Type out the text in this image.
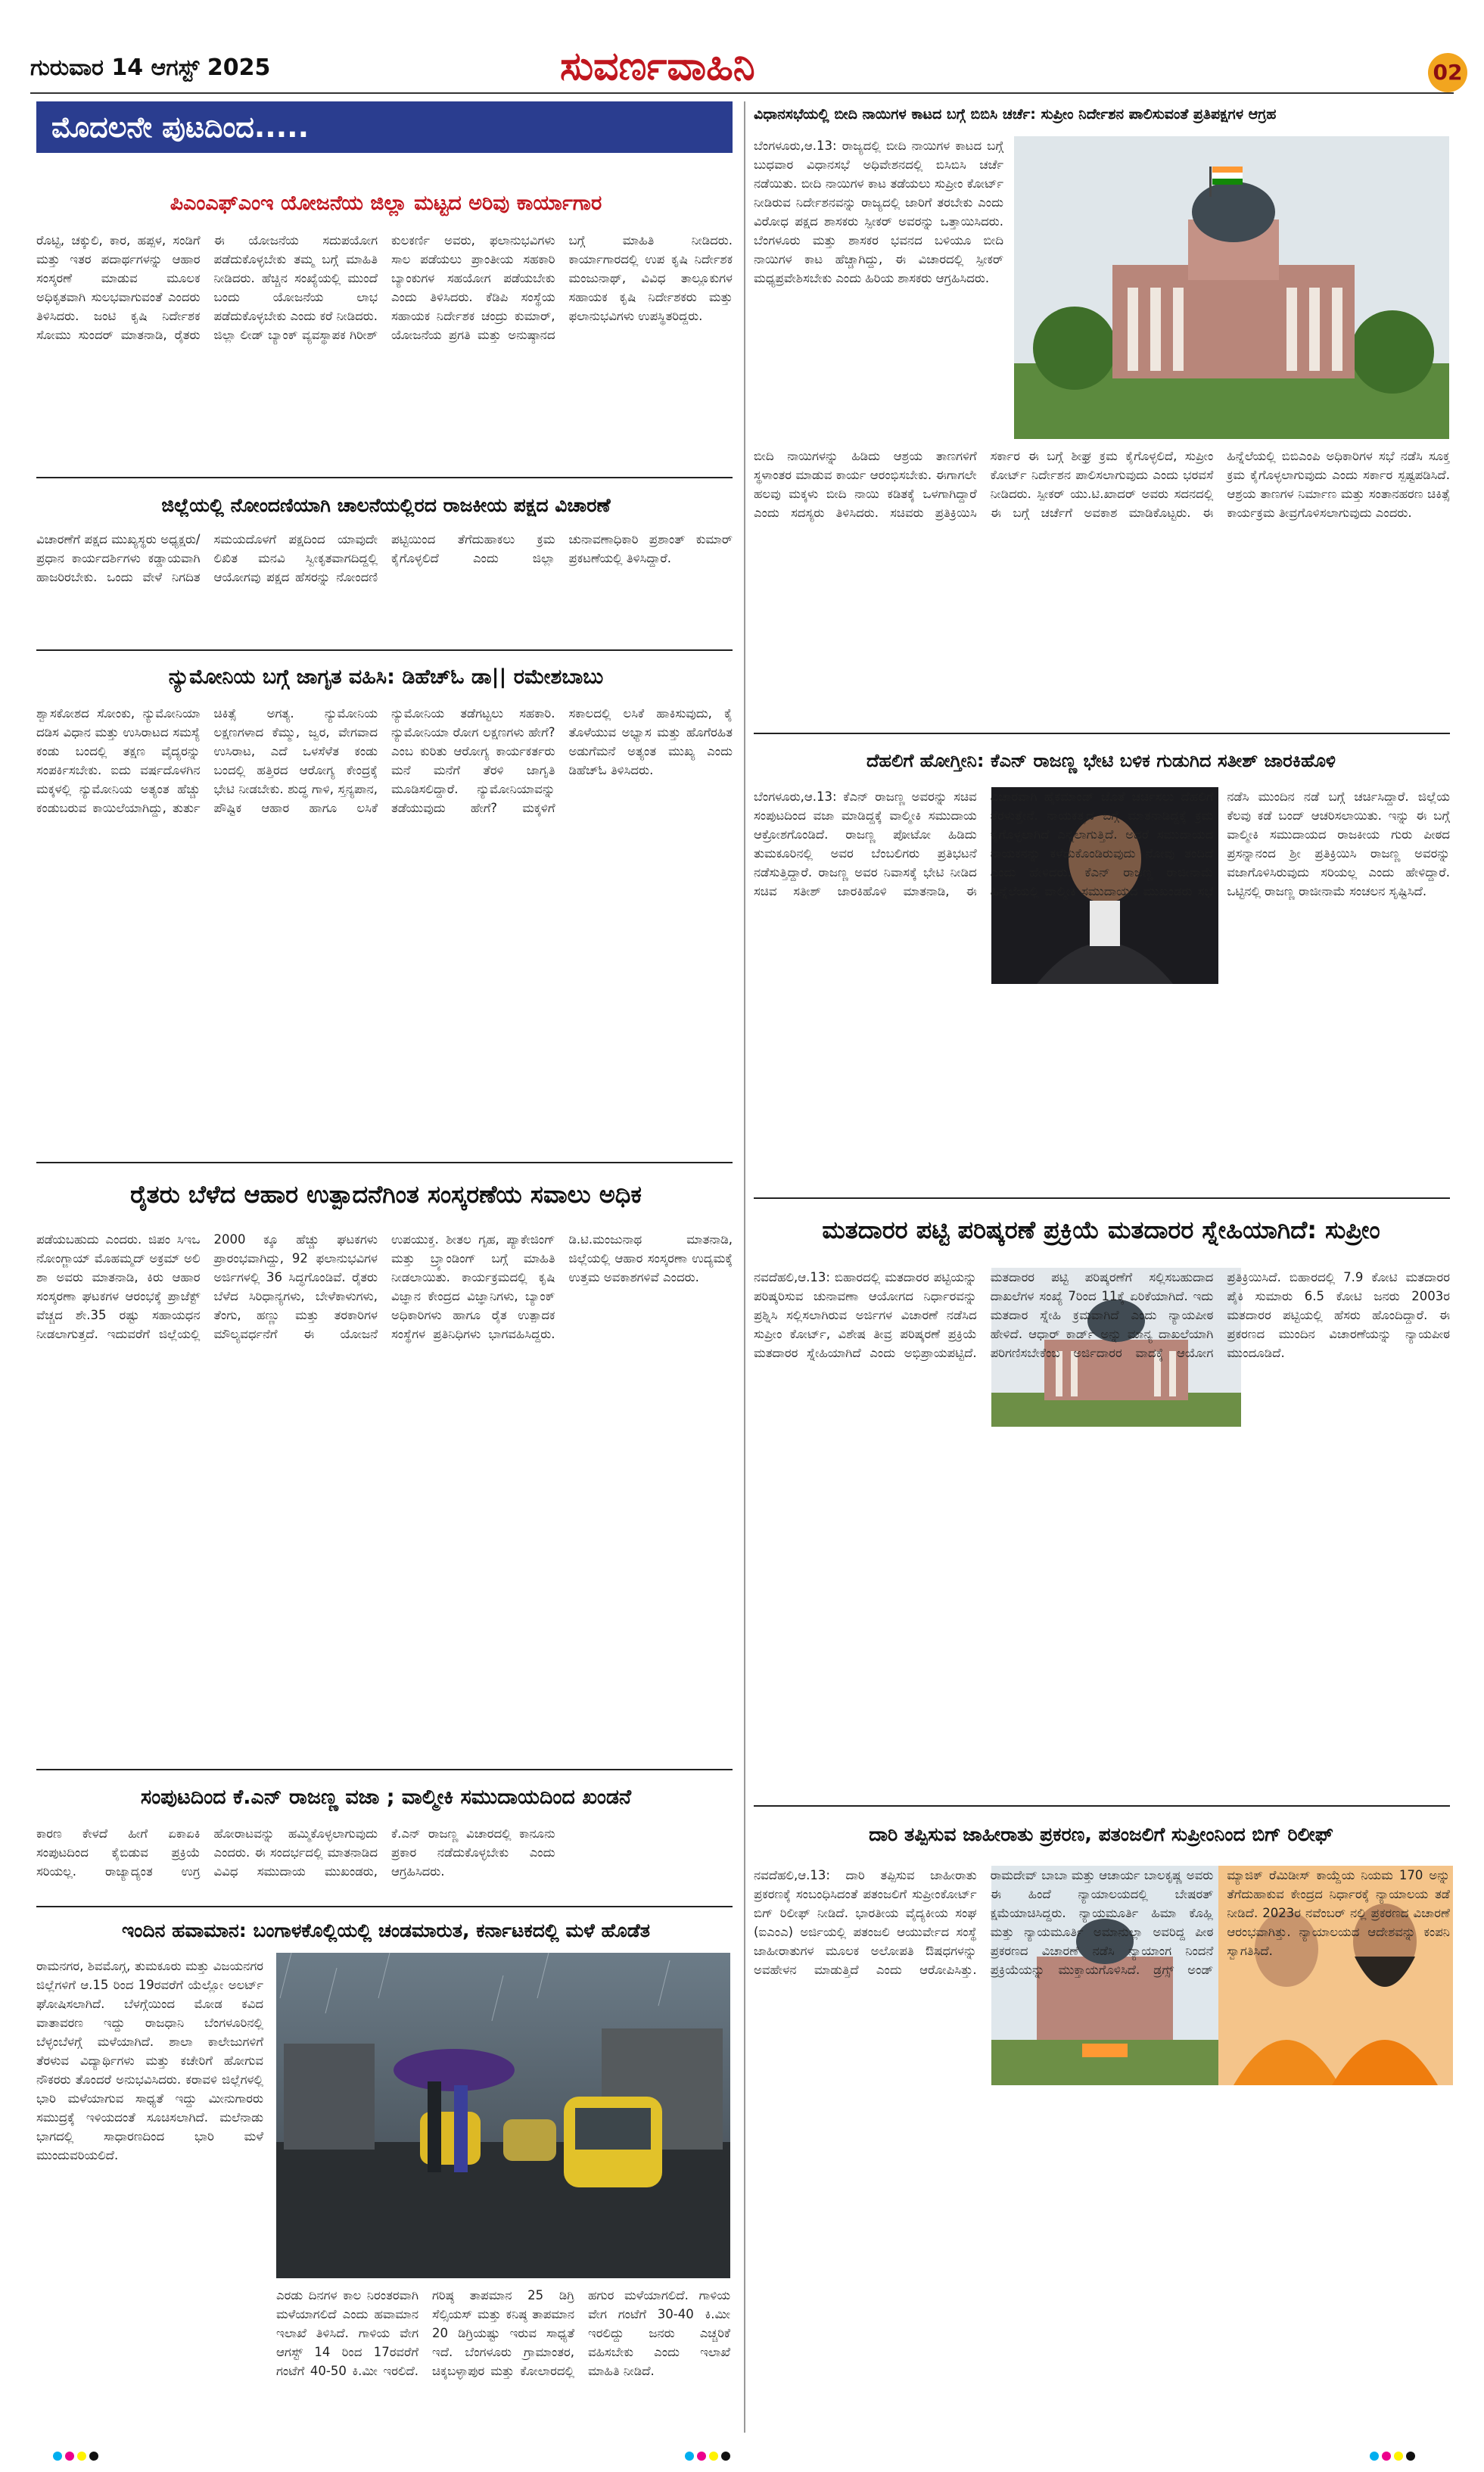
ಗುರುವಾರ 14 ಆಗಸ್ಟ್ 2025	ಸುವರ್ಣವಾಹಿನಿ	02
ಮೊದಲನೇ ಪುಟದಿಂದ.....	ವಿಧಾನಸಭೆಯಲ್ಲಿ ಬೀದಿ ನಾಯಿಗಳ ಕಾಟದ ಬಗ್ಗೆ ಬಿಬಿಸಿ ಚರ್ಚೆ: ಸುಪ್ರೀಂ ನಿರ್ದೇಶನ ಪಾಲಿಸುವಂತೆ ಪ್ರತಿಪಕ್ಷಗಳ ಆಗ್ರಹ
ಪಿಎಂಎಫ್‌ಎಂಇ ಯೋಜನೆಯ ಜಿಲ್ಲಾ ಮಟ್ಟದ ಅರಿವು ಕಾರ್ಯಾಗಾರ
ರೊಟ್ಟಿ, ಚಕ್ಕುಲಿ, ಕಾರ, ಹಪ್ಪಳ, ಸಂಡಿಗೆ ಮತ್ತು ಇತರ ಪದಾರ್ಥಗಳನ್ನು ಆಹಾರ ಸಂಸ್ಕರಣೆ ಮಾಡುವ ಮೂಲಕ ಅಧಿಕೃತವಾಗಿ ಸುಲಭವಾಗುವಂತೆ ಎಂದರು ತಿಳಿಸಿದರು. ಜಂಟಿ ಕೃಷಿ ನಿರ್ದೇಶಕ ಸೋಮು ಸುಂದರ್ ಮಾತನಾಡಿ, ರೈತರು ಈ ಯೋಜನೆಯ ಸದುಪಯೋಗ ಪಡೆದುಕೊಳ್ಳಬೇಕು ತಮ್ಮ ಬಗ್ಗೆ ಮಾಹಿತಿ ನೀಡಿದರು. ಹೆಚ್ಚಿನ ಸಂಖ್ಯೆಯಲ್ಲಿ ಮುಂದೆ ಬಂದು ಯೋಜನೆಯ ಲಾಭ ಪಡೆದುಕೊಳ್ಳಬೇಕು ಎಂದು ಕರೆ ನೀಡಿದರು. ಜಿಲ್ಲಾ ಲೀಡ್ ಬ್ಯಾಂಕ್ ವ್ಯವಸ್ಥಾಪಕ ಗಿರೀಶ್ ಕುಲಕರ್ಣಿ ಅವರು, ಫಲಾನುಭವಿಗಳು ಸಾಲ ಪಡೆಯಲು ಪ್ರಾಂತೀಯ ಸಹಕಾರಿ ಬ್ಯಾಂಕುಗಳ ಸಹಯೋಗ ಪಡೆಯಬೇಕು ಎಂದು ತಿಳಿಸಿದರು. ಕೆಡಿಪಿ ಸಂಸ್ಥೆಯ ಸಹಾಯಕ ನಿರ್ದೇಶಕ ಚಂದ್ರು ಕುಮಾರ್, ಯೋಜನೆಯ ಪ್ರಗತಿ ಮತ್ತು ಅನುಷ್ಠಾನದ ಬಗ್ಗೆ ಮಾಹಿತಿ ನೀಡಿದರು. ಕಾರ್ಯಾಗಾರದಲ್ಲಿ ಉಪ ಕೃಷಿ ನಿರ್ದೇಶಕ ಮಂಜುನಾಥ್, ವಿವಿಧ ತಾಲ್ಲೂಕುಗಳ ಸಹಾಯಕ ಕೃಷಿ ನಿರ್ದೇಶಕರು ಮತ್ತು ಫಲಾನುಭವಿಗಳು ಉಪಸ್ಥಿತರಿದ್ದರು.
ಜಿಲ್ಲೆಯಲ್ಲಿ ನೋಂದಣಿಯಾಗಿ ಚಾಲನೆಯಲ್ಲಿರದ ರಾಜಕೀಯ ಪಕ್ಷದ ವಿಚಾರಣೆ
ವಿಚಾರಣೆಗೆ ಪಕ್ಷದ ಮುಖ್ಯಸ್ಥರು ಅಧ್ಯಕ್ಷರು/ಪ್ರಧಾನ ಕಾರ್ಯದರ್ಶಿಗಳು ಕಡ್ಡಾಯವಾಗಿ ಹಾಜರಿರಬೇಕು. ಒಂದು ವೇಳೆ ನಿಗದಿತ ಸಮಯದೊಳಗೆ ಪಕ್ಷದಿಂದ ಯಾವುದೇ ಲಿಖಿತ ಮನವಿ ಸ್ವೀಕೃತವಾಗದಿದ್ದಲ್ಲಿ ಆಯೋಗವು ಪಕ್ಷದ ಹೆಸರನ್ನು ನೋಂದಣಿ ಪಟ್ಟಿಯಿಂದ ತೆಗೆದುಹಾಕಲು ಕ್ರಮ ಕೈಗೊಳ್ಳಲಿದೆ ಎಂದು ಜಿಲ್ಲಾ ಚುನಾವಣಾಧಿಕಾರಿ ಪ್ರಶಾಂತ್ ಕುಮಾರ್ ಪ್ರಕಟಣೆಯಲ್ಲಿ ತಿಳಿಸಿದ್ದಾರೆ.
ನ್ಯುಮೋನಿಯ ಬಗ್ಗೆ ಜಾಗೃತ ವಹಿಸಿ: ಡಿಹೆಚ್‌ಓ ಡಾ|| ರಮೇಶಬಾಬು
ಶ್ವಾಸಕೋಶದ ಸೋಂಕು, ನ್ಯುಮೋನಿಯಾ ದಡಿಸ ವಿಧಾನ ಮತ್ತು ಉಸಿರಾಟದ ಸಮಸ್ಯೆ ಕಂಡು ಬಂದಲ್ಲಿ ತಕ್ಷಣ ವೈದ್ಯರನ್ನು ಸಂಪರ್ಕಿಸಬೇಕು. ಐದು ವರ್ಷದೊಳಗಿನ ಮಕ್ಕಳಲ್ಲಿ ನ್ಯುಮೋನಿಯ ಅತ್ಯಂತ ಹೆಚ್ಚು ಕಂಡುಬರುವ ಕಾಯಿಲೆಯಾಗಿದ್ದು, ತುರ್ತು ಚಿಕಿತ್ಸೆ ಅಗತ್ಯ. ನ್ಯುಮೋನಿಯ ಲಕ್ಷಣಗಳಾದ ಕೆಮ್ಮು, ಜ್ವರ, ವೇಗವಾದ ಉಸಿರಾಟ, ಎದೆ ಒಳಸೆಳೆತ ಕಂಡು ಬಂದಲ್ಲಿ ಹತ್ತಿರದ ಆರೋಗ್ಯ ಕೇಂದ್ರಕ್ಕೆ ಭೇಟಿ ನೀಡಬೇಕು. ಶುದ್ಧ ಗಾಳಿ, ಸ್ತನ್ಯಪಾನ, ಪೌಷ್ಟಿಕ ಆಹಾರ ಹಾಗೂ ಲಸಿಕೆ ನ್ಯುಮೋನಿಯ ತಡೆಗಟ್ಟಲು ಸಹಕಾರಿ. ನ್ಯುಮೋನಿಯಾ ರೋಗ ಲಕ್ಷಣಗಳು ಹೇಗೆ? ಎಂಬ ಕುರಿತು ಆರೋಗ್ಯ ಕಾರ್ಯಕರ್ತರು ಮನೆ ಮನೆಗೆ ತೆರಳಿ ಜಾಗೃತಿ ಮೂಡಿಸಲಿದ್ದಾರೆ. ನ್ಯುಮೋನಿಯಾವನ್ನು ತಡೆಯುವುದು ಹೇಗೆ? ಮಕ್ಕಳಿಗೆ ಸಕಾಲದಲ್ಲಿ ಲಸಿಕೆ ಹಾಕಿಸುವುದು, ಕೈ ತೊಳೆಯುವ ಅಭ್ಯಾಸ ಮತ್ತು ಹೊಗೆರಹಿತ ಅಡುಗೆಮನೆ ಅತ್ಯಂತ ಮುಖ್ಯ ಎಂದು ಡಿಹೆಚ್‌ಓ ತಿಳಿಸಿದರು.
ರೈತರು ಬೆಳೆದ ಆಹಾರ ಉತ್ಪಾದನೆಗಿಂತ ಸಂಸ್ಕರಣೆಯ ಸವಾಲು ಅಧಿಕ
ಪಡೆಯಬಹುದು ಎಂದರು. ಜಿಪಂ ಸಿಇಒ ನೋಂಗ್ಜಾಯ್ ಮೊಹಮ್ಮದ್ ಅಕ್ರಮ್ ಅಲಿ ಶಾ ಅವರು ಮಾತನಾಡಿ, ಕಿರು ಆಹಾರ ಸಂಸ್ಕರಣಾ ಘಟಕಗಳ ಆರಂಭಕ್ಕೆ ಪ್ರಾಜೆಕ್ಟ್ ವೆಚ್ಚದ ಶೇ.35 ರಷ್ಟು ಸಹಾಯಧನ ನೀಡಲಾಗುತ್ತದೆ. ಇದುವರೆಗೆ ಜಿಲ್ಲೆಯಲ್ಲಿ 2000 ಕ್ಕೂ ಹೆಚ್ಚು ಘಟಕಗಳು ಪ್ರಾರಂಭವಾಗಿದ್ದು, 92 ಫಲಾನುಭವಿಗಳ ಅರ್ಜಿಗಳಲ್ಲಿ 36 ಸಿದ್ಧಗೊಂಡಿವೆ. ರೈತರು ಬೆಳೆದ ಸಿರಿಧಾನ್ಯಗಳು, ಬೇಳೆಕಾಳುಗಳು, ತೆಂಗು, ಹಣ್ಣು ಮತ್ತು ತರಕಾರಿಗಳ ಮೌಲ್ಯವರ್ಧನೆಗೆ ಈ ಯೋಜನೆ ಉಪಯುಕ್ತ. ಶೀತಲ ಗೃಹ, ಪ್ಯಾಕೇಜಿಂಗ್ ಮತ್ತು ಬ್ರ್ಯಾಂಡಿಂಗ್ ಬಗ್ಗೆ ಮಾಹಿತಿ ನೀಡಲಾಯಿತು. ಕಾರ್ಯಕ್ರಮದಲ್ಲಿ ಕೃಷಿ ವಿಜ್ಞಾನ ಕೇಂದ್ರದ ವಿಜ್ಞಾನಿಗಳು, ಬ್ಯಾಂಕ್ ಅಧಿಕಾರಿಗಳು ಹಾಗೂ ರೈತ ಉತ್ಪಾದಕ ಸಂಸ್ಥೆಗಳ ಪ್ರತಿನಿಧಿಗಳು ಭಾಗವಹಿಸಿದ್ದರು. ಡಿ.ಟಿ.ಮಂಜುನಾಥ ಮಾತನಾಡಿ, ಜಿಲ್ಲೆಯಲ್ಲಿ ಆಹಾರ ಸಂಸ್ಕರಣಾ ಉದ್ಯಮಕ್ಕೆ ಉತ್ತಮ ಅವಕಾಶಗಳಿವೆ ಎಂದರು.
ಸಂಪುಟದಿಂದ ಕೆ.ಎನ್ ರಾಜಣ್ಣ ವಜಾ ; ವಾಲ್ಮೀಕಿ ಸಮುದಾಯದಿಂದ ಖಂಡನೆ
ಕಾರಣ ಕೇಳದೆ ಹೀಗೆ ಏಕಾಏಕಿ ಸಂಪುಟದಿಂದ ಕೈಬಿಡುವ ಪ್ರಕ್ರಿಯೆ ಸರಿಯಲ್ಲ. ರಾಜ್ಯಾದ್ಯಂತ ಉಗ್ರ ಹೋರಾಟವನ್ನು ಹಮ್ಮಿಕೊಳ್ಳಲಾಗುವುದು ಎಂದರು. ಈ ಸಂದರ್ಭದಲ್ಲಿ ಮಾತನಾಡಿದ ವಿವಿಧ ಸಮುದಾಯ ಮುಖಂಡರು, ಕೆ.ಎನ್ ರಾಜಣ್ಣ ವಿಚಾರದಲ್ಲಿ ಕಾನೂನು ಪ್ರಕಾರ ನಡೆದುಕೊಳ್ಳಬೇಕು ಎಂದು ಆಗ್ರಹಿಸಿದರು.
ಇಂದಿನ ಹವಾಮಾನ: ಬಂಗಾಳಕೊಲ್ಲಿಯಲ್ಲಿ ಚಂಡಮಾರುತ, ಕರ್ನಾಟಕದಲ್ಲಿ ಮಳೆ ಹೊಡೆತ
ರಾಮನಗರ, ಶಿವಮೊಗ್ಗ, ತುಮಕೂರು ಮತ್ತು ವಿಜಯನಗರ ಜಿಲ್ಲೆಗಳಿಗೆ ಆ.15 ರಿಂದ 19ರವರೆಗೆ ಯೆಲ್ಲೋ ಅಲರ್ಟ್ ಘೋಷಿಸಲಾಗಿದೆ. ಬೆಳಗ್ಗೆಯಿಂದ ಮೋಡ ಕವಿದ ವಾತಾವರಣ ಇದ್ದು ರಾಜಧಾನಿ ಬೆಂಗಳೂರಿನಲ್ಲಿ ಬೆಳ್ಳಂಬೆಳಗ್ಗೆ ಮಳೆಯಾಗಿದೆ. ಶಾಲಾ ಕಾಲೇಜುಗಳಿಗೆ ತೆರಳುವ ವಿದ್ಯಾರ್ಥಿಗಳು ಮತ್ತು ಕಚೇರಿಗೆ ಹೋಗುವ ನೌಕರರು ತೊಂದರೆ ಅನುಭವಿಸಿದರು. ಕರಾವಳಿ ಜಿಲ್ಲೆಗಳಲ್ಲಿ ಭಾರಿ ಮಳೆಯಾಗುವ ಸಾಧ್ಯತೆ ಇದ್ದು ಮೀನುಗಾರರು ಸಮುದ್ರಕ್ಕೆ ಇಳಿಯದಂತೆ ಸೂಚಿಸಲಾಗಿದೆ. ಮಲೆನಾಡು ಭಾಗದಲ್ಲಿ ಸಾಧಾರಣದಿಂದ ಭಾರಿ ಮಳೆ ಮುಂದುವರಿಯಲಿದೆ.
ಎರಡು ದಿನಗಳ ಕಾಲ ನಿರಂತರವಾಗಿ ಮಳೆಯಾಗಲಿದೆ ಎಂದು ಹವಾಮಾನ ಇಲಾಖೆ ತಿಳಿಸಿದೆ. ಗಾಳಿಯ ವೇಗ ಆಗಸ್ಟ್ 14 ರಿಂದ 17ರವರೆಗೆ ಗಂಟೆಗೆ 40-50 ಕಿ.ಮೀ ಇರಲಿದೆ. ಗರಿಷ್ಠ ತಾಪಮಾನ 25 ಡಿಗ್ರಿ ಸೆಲ್ಸಿಯಸ್ ಮತ್ತು ಕನಿಷ್ಠ ತಾಪಮಾನ 20 ಡಿಗ್ರಿಯಷ್ಟು ಇರುವ ಸಾಧ್ಯತೆ ಇದೆ. ಬೆಂಗಳೂರು ಗ್ರಾಮಾಂತರ, ಚಿಕ್ಕಬಳ್ಳಾಪುರ ಮತ್ತು ಕೋಲಾರದಲ್ಲಿ ಹಗುರ ಮಳೆಯಾಗಲಿದೆ. ಗಾಳಿಯ ವೇಗ ಗಂಟೆಗೆ 30-40 ಕಿ.ಮೀ ಇರಲಿದ್ದು ಜನರು ಎಚ್ಚರಿಕೆ ವಹಿಸಬೇಕು ಎಂದು ಇಲಾಖೆ ಮಾಹಿತಿ ನೀಡಿದೆ.
ಬೆಂಗಳೂರು,ಆ.13: ರಾಜ್ಯದಲ್ಲಿ ಬೀದಿ ನಾಯಿಗಳ ಕಾಟದ ಬಗ್ಗೆ ಬುಧವಾರ ವಿಧಾನಸಭೆ ಅಧಿವೇಶನದಲ್ಲಿ ಬಿಸಿಬಿಸಿ ಚರ್ಚೆ ನಡೆಯಿತು. ಬೀದಿ ನಾಯಿಗಳ ಕಾಟ ತಡೆಯಲು ಸುಪ್ರೀಂ ಕೋರ್ಟ್ ನೀಡಿರುವ ನಿರ್ದೇಶನವನ್ನು ರಾಜ್ಯದಲ್ಲಿ ಜಾರಿಗೆ ತರಬೇಕು ಎಂದು ವಿರೋಧ ಪಕ್ಷದ ಶಾಸಕರು ಸ್ಪೀಕರ್ ಅವರನ್ನು ಒತ್ತಾಯಿಸಿದರು. ಬೆಂಗಳೂರು ಮತ್ತು ಶಾಸಕರ ಭವನದ ಬಳಿಯೂ ಬೀದಿ ನಾಯಿಗಳ ಕಾಟ ಹೆಚ್ಚಾಗಿದ್ದು, ಈ ವಿಚಾರದಲ್ಲಿ ಸ್ಪೀಕರ್ ಮಧ್ಯಪ್ರವೇಶಿಸಬೇಕು ಎಂದು ಹಿರಿಯ ಶಾಸಕರು ಆಗ್ರಹಿಸಿದರು.
ಬೀದಿ ನಾಯಿಗಳನ್ನು ಹಿಡಿದು ಆಶ್ರಯ ತಾಣಗಳಿಗೆ ಸ್ಥಳಾಂತರ ಮಾಡುವ ಕಾರ್ಯ ಆರಂಭಿಸಬೇಕು. ಈಗಾಗಲೇ ಹಲವು ಮಕ್ಕಳು ಬೀದಿ ನಾಯಿ ಕಡಿತಕ್ಕೆ ಒಳಗಾಗಿದ್ದಾರೆ ಎಂದು ಸದಸ್ಯರು ತಿಳಿಸಿದರು. ಸಚಿವರು ಪ್ರತಿಕ್ರಿಯಿಸಿ ಸರ್ಕಾರ ಈ ಬಗ್ಗೆ ಶೀಘ್ರ ಕ್ರಮ ಕೈಗೊಳ್ಳಲಿದೆ, ಸುಪ್ರೀಂ ಕೋರ್ಟ್ ನಿರ್ದೇಶನ ಪಾಲಿಸಲಾಗುವುದು ಎಂದು ಭರವಸೆ ನೀಡಿದರು. ಸ್ಪೀಕರ್ ಯು.ಟಿ.ಖಾದರ್ ಅವರು ಸದನದಲ್ಲಿ ಈ ಬಗ್ಗೆ ಚರ್ಚೆಗೆ ಅವಕಾಶ ಮಾಡಿಕೊಟ್ಟರು. ಈ ಹಿನ್ನೆಲೆಯಲ್ಲಿ ಬಿಬಿಎಂಪಿ ಅಧಿಕಾರಿಗಳ ಸಭೆ ನಡೆಸಿ ಸೂಕ್ತ ಕ್ರಮ ಕೈಗೊಳ್ಳಲಾಗುವುದು ಎಂದು ಸರ್ಕಾರ ಸ್ಪಷ್ಟಪಡಿಸಿದೆ. ಆಶ್ರಯ ತಾಣಗಳ ನಿರ್ಮಾಣ ಮತ್ತು ಸಂತಾನಹರಣ ಚಿಕಿತ್ಸೆ ಕಾರ್ಯಕ್ರಮ ತೀವ್ರಗೊಳಿಸಲಾಗುವುದು ಎಂದರು.
ದೆಹಲಿಗೆ ಹೋಗ್ತೀನಿ: ಕೆಎನ್ ರಾಜಣ್ಣ ಭೇಟಿ ಬಳಿಕ ಗುಡುಗಿದ ಸತೀಶ್ ಜಾರಕಿಹೊಳಿ
ಬೆಂಗಳೂರು,ಆ.13: ಕೆಎನ್ ರಾಜಣ್ಣ ಅವರನ್ನು ಸಚಿವ ಸಂಪುಟದಿಂದ ವಜಾ ಮಾಡಿದ್ದಕ್ಕೆ ವಾಲ್ಮೀಕಿ ಸಮುದಾಯ ಆಕ್ರೋಶಗೊಂಡಿದೆ. ರಾಜಣ್ಣ ಪೋಟೋ ಹಿಡಿದು ತುಮಕೂರಿನಲ್ಲಿ ಅವರ ಬೆಂಬಲಿಗರು ಪ್ರತಿಭಟನೆ ನಡೆಸುತ್ತಿದ್ದಾರೆ. ರಾಜಣ್ಣ ಅವರ ನಿವಾಸಕ್ಕೆ ಭೇಟಿ ನೀಡಿದ ಸಚಿವ ಸತೀಶ್ ಜಾರಕಿಹೊಳಿ ಮಾತನಾಡಿ, ಈ ವಿಚಾರವಾಗಿ ಹೈಕಮಾಂಡ್ ಜೊತೆ ಚರ್ಚಿಸಲು ದೆಹಲಿಗೆ ತೆರಳುತ್ತೇನೆ. ನಾಯಕತ್ವದ ಬಗ್ಗೆ ಮಾತನಾಡಿದ್ದಕ್ಕೆ ಕ್ರಮ ಕೈಗೊಳ್ಳಲಾಗಿದೆ ಎನ್ನಲಾಗುತ್ತಿದೆ. ಅದರೆ ಸಮುದಾಯದ ನಾಯಕನನ್ನು ಕಳೆದುಕೊಂಡಿರುವುದು ನೋವು ತಂದಿದೆ ಎಂದು ಹೇಳಿದರು. ಕೆಎನ್ ರಾಜಣ್ಣ ರಾಜೀನಾಮೆ ಹಿನ್ನೆಲೆಯಲ್ಲಿ ವಾಲ್ಮೀಕಿ ಸಮುದಾಯದ ಮುಖಂಡರು ಸಭೆ ನಡೆಸಿ ಮುಂದಿನ ನಡೆ ಬಗ್ಗೆ ಚರ್ಚಿಸಿದ್ದಾರೆ. ಜಿಲ್ಲೆಯ ಕೆಲವು ಕಡೆ ಬಂದ್ ಆಚರಿಸಲಾಯಿತು. ಇನ್ನು ಈ ಬಗ್ಗೆ ವಾಲ್ಮೀಕಿ ಸಮುದಾಯದ ರಾಜಕೀಯ ಗುರು ಪೀಠದ ಪ್ರಸನ್ನಾನಂದ ಶ್ರೀ ಪ್ರತಿಕ್ರಿಯಿಸಿ ರಾಜಣ್ಣ ಅವರನ್ನು ವಜಾಗೊಳಿಸಿರುವುದು ಸರಿಯಲ್ಲ ಎಂದು ಹೇಳಿದ್ದಾರೆ. ಒಟ್ಟಿನಲ್ಲಿ ರಾಜಣ್ಣ ರಾಜೀನಾಮೆ ಸಂಚಲನ ಸೃಷ್ಟಿಸಿದೆ.
ಮತದಾರರ ಪಟ್ಟಿ ಪರಿಷ್ಕರಣೆ ಪ್ರಕ್ರಿಯೆ ಮತದಾರರ ಸ್ನೇಹಿಯಾಗಿದೆ: ಸುಪ್ರೀಂ
ನವದೆಹಲಿ,ಆ.13: ಬಿಹಾರದಲ್ಲಿ ಮತದಾರರ ಪಟ್ಟಿಯನ್ನು ಪರಿಷ್ಕರಿಸುವ ಚುನಾವಣಾ ಆಯೋಗದ ನಿರ್ಧಾರವನ್ನು ಪ್ರಶ್ನಿಸಿ ಸಲ್ಲಿಸಲಾಗಿರುವ ಅರ್ಜಿಗಳ ವಿಚಾರಣೆ ನಡೆಸಿದ ಸುಪ್ರೀಂ ಕೋರ್ಟ್, ವಿಶೇಷ ತೀವ್ರ ಪರಿಷ್ಕರಣೆ ಪ್ರಕ್ರಿಯೆ ಮತದಾರರ ಸ್ನೇಹಿಯಾಗಿದೆ ಎಂದು ಅಭಿಪ್ರಾಯಪಟ್ಟಿದೆ. ಮತದಾರರ ಪಟ್ಟಿ ಪರಿಷ್ಕರಣೆಗೆ ಸಲ್ಲಿಸಬಹುದಾದ ದಾಖಲೆಗಳ ಸಂಖ್ಯೆ 7ರಿಂದ 11ಕ್ಕೆ ಏರಿಕೆಯಾಗಿದೆ. ಇದು ಮತದಾರ ಸ್ನೇಹಿ ಕ್ರಮವಾಗಿದೆ ಎಂದು ನ್ಯಾಯಪೀಠ ಹೇಳಿದೆ. ಆಧಾರ್ ಕಾರ್ಡ್ ಅನ್ನು ಮಾನ್ಯ ದಾಖಲೆಯಾಗಿ ಪರಿಗಣಿಸಬೇಕೆಂಬ ಅರ್ಜಿದಾರರ ವಾದಕ್ಕೆ ಆಯೋಗ ಪ್ರತಿಕ್ರಿಯಿಸಿದೆ. ಬಿಹಾರದಲ್ಲಿ 7.9 ಕೋಟಿ ಮತದಾರರ ಪೈಕಿ ಸುಮಾರು 6.5 ಕೋಟಿ ಜನರು 2003ರ ಮತದಾರರ ಪಟ್ಟಿಯಲ್ಲಿ ಹೆಸರು ಹೊಂದಿದ್ದಾರೆ. ಈ ಪ್ರಕರಣದ ಮುಂದಿನ ವಿಚಾರಣೆಯನ್ನು ನ್ಯಾಯಪೀಠ ಮುಂದೂಡಿದೆ.
ದಾರಿ ತಪ್ಪಿಸುವ ಜಾಹೀರಾತು ಪ್ರಕರಣ, ಪತಂಜಲಿಗೆ ಸುಪ್ರೀಂನಿಂದ ಬಿಗ್ ರಿಲೀಫ್
ನವದೆಹಲಿ,ಆ.13: ದಾರಿ ತಪ್ಪಿಸುವ ಜಾಹೀರಾತು ಪ್ರಕರಣಕ್ಕೆ ಸಂಬಂಧಿಸಿದಂತೆ ಪತಂಜಲಿಗೆ ಸುಪ್ರೀಂಕೋರ್ಟ್ ಬಿಗ್ ರಿಲೀಫ್ ನೀಡಿದೆ. ಭಾರತೀಯ ವೈದ್ಯಕೀಯ ಸಂಘ (ಐಎಂಎ) ಅರ್ಜಿಯಲ್ಲಿ ಪತಂಜಲಿ ಆಯುರ್ವೇದ ಸಂಸ್ಥೆ ಜಾಹೀರಾತುಗಳ ಮೂಲಕ ಅಲೋಪತಿ ಔಷಧಗಳನ್ನು ಅವಹೇಳನ ಮಾಡುತ್ತಿದೆ ಎಂದು ಆರೋಪಿಸಿತ್ತು. ರಾಮದೇವ್ ಬಾಬಾ ಮತ್ತು ಆಚಾರ್ಯ ಬಾಲಕೃಷ್ಣ ಅವರು ಈ ಹಿಂದೆ ನ್ಯಾಯಾಲಯದಲ್ಲಿ ಬೇಷರತ್ ಕ್ಷಮೆಯಾಚಿಸಿದ್ದರು. ನ್ಯಾಯಮೂರ್ತಿ ಹಿಮಾ ಕೊಹ್ಲಿ ಮತ್ತು ನ್ಯಾಯಮೂರ್ತಿ ಅಮಾನುಲ್ಲಾ ಅವರಿದ್ದ ಪೀಠ ಪ್ರಕರಣದ ವಿಚಾರಣೆ ನಡೆಸಿ ನ್ಯಾಯಾಂಗ ನಿಂದನೆ ಪ್ರಕ್ರಿಯೆಯನ್ನು ಮುಕ್ತಾಯಗೊಳಿಸಿದೆ. ಡ್ರಗ್ಸ್ ಅಂಡ್ ಮ್ಯಾಜಿಕ್ ರೆಮಿಡೀಸ್ ಕಾಯ್ದೆಯ ನಿಯಮ 170 ಅನ್ನು ತೆಗೆದುಹಾಕುವ ಕೇಂದ್ರದ ನಿರ್ಧಾರಕ್ಕೆ ನ್ಯಾಯಾಲಯ ತಡೆ ನೀಡಿದೆ. 2023ರ ನವೆಂಬರ್ ನಲ್ಲಿ ಪ್ರಕರಣದ ವಿಚಾರಣೆ ಆರಂಭವಾಗಿತ್ತು. ನ್ಯಾಯಾಲಯದ ಆದೇಶವನ್ನು ಕಂಪನಿ ಸ್ವಾಗತಿಸಿದೆ.
